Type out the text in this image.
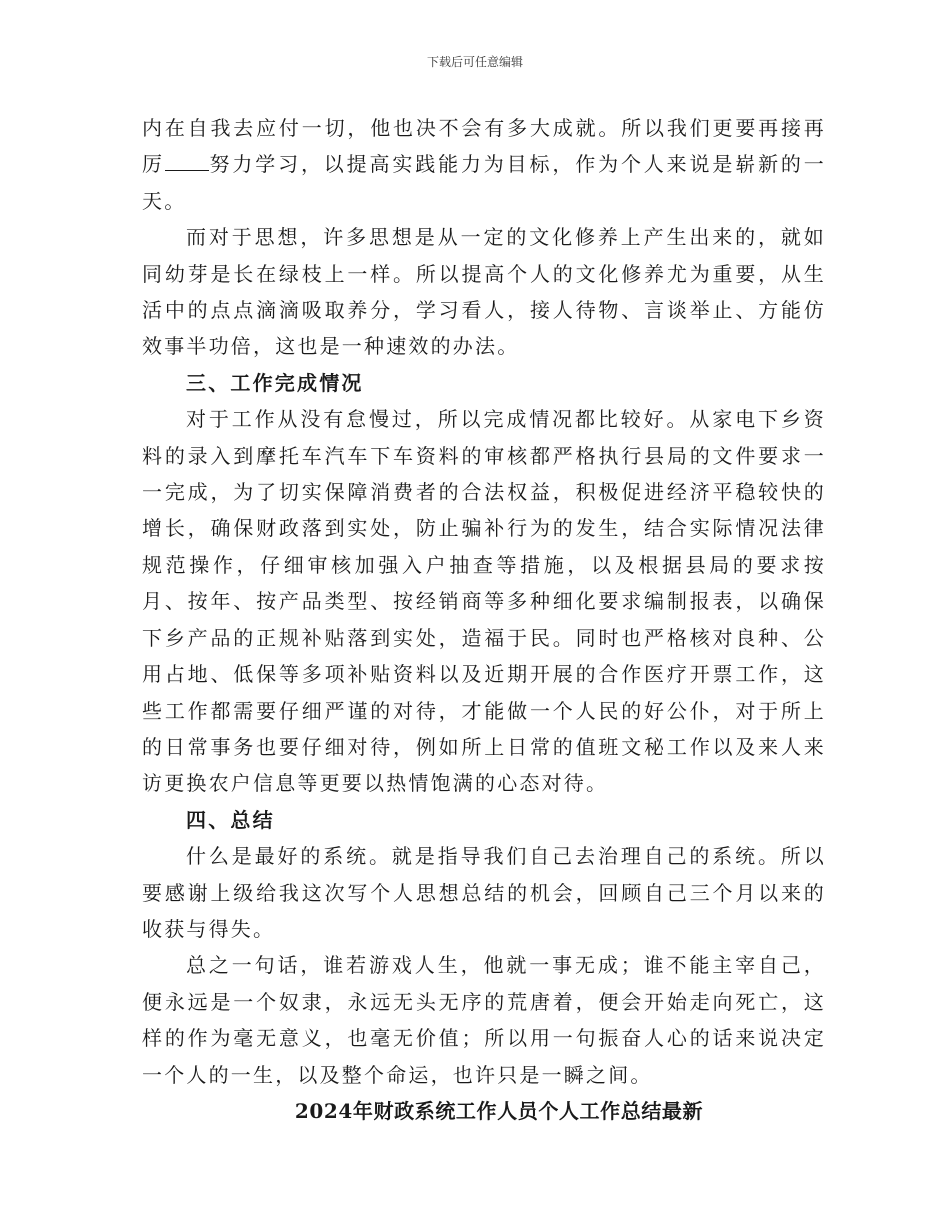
下载后可任意编辑

内在自我去应付一切，他也决不会有多大成就。所以我们更要再接再厉 努力学习，以提高实践能力为目标，作为个人来说是崭新的一天。

而对于思想，许多思想是从一定的文化修养上产生出来的，就如同幼芽是长在绿枝上一样。所以提高个人的文化修养尤为重要，从生活中的点点滴滴吸取养分，学习看人，接人待物、言谈举止、方能仿效事半功倍，这也是一种速效的办法。

三、工作完成情况

对于工作从没有怠慢过，所以完成情况都比较好。从家电下乡资料的录入到摩托车汽车下车资料的审核都严格执行县局的文件要求一一完成，为了切实保障消费者的合法权益，积极促进经济平稳较快的增长，确保财政落到实处，防止骗补行为的发生，结合实际情况法律规范操作，仔细审核加强入户抽查等措施，以及根据县局的要求按月、按年、按产品类型、按经销商等多种细化要求编制报表，以确保下乡产品的正规补贴落到实处，造福于民。同时也严格核对良种、公用占地、低保等多项补贴资料以及近期开展的合作医疗开票工作，这些工作都需要仔细严谨的对待，才能做一个人民的好公仆，对于所上的日常事务也要仔细对待，例如所上日常的值班文秘工作以及来人来访更换农户信息等更要以热情饱满的心态对待。

四、总结

什么是最好的系统。就是指导我们自己去治理自己的系统。所以要感谢上级给我这次写个人思想总结的机会，回顾自己三个月以来的收获与得失。

总之一句话，谁若游戏人生，他就一事无成；谁不能主宰自己，便永远是一个奴隶，永远无头无序的荒唐着，便会开始走向死亡，这样的作为毫无意义，也毫无价值；所以用一句振奋人心的话来说决定一个人的一生，以及整个命运，也许只是一瞬之间。

2024年财政系统工作人员个人工作总结最新
